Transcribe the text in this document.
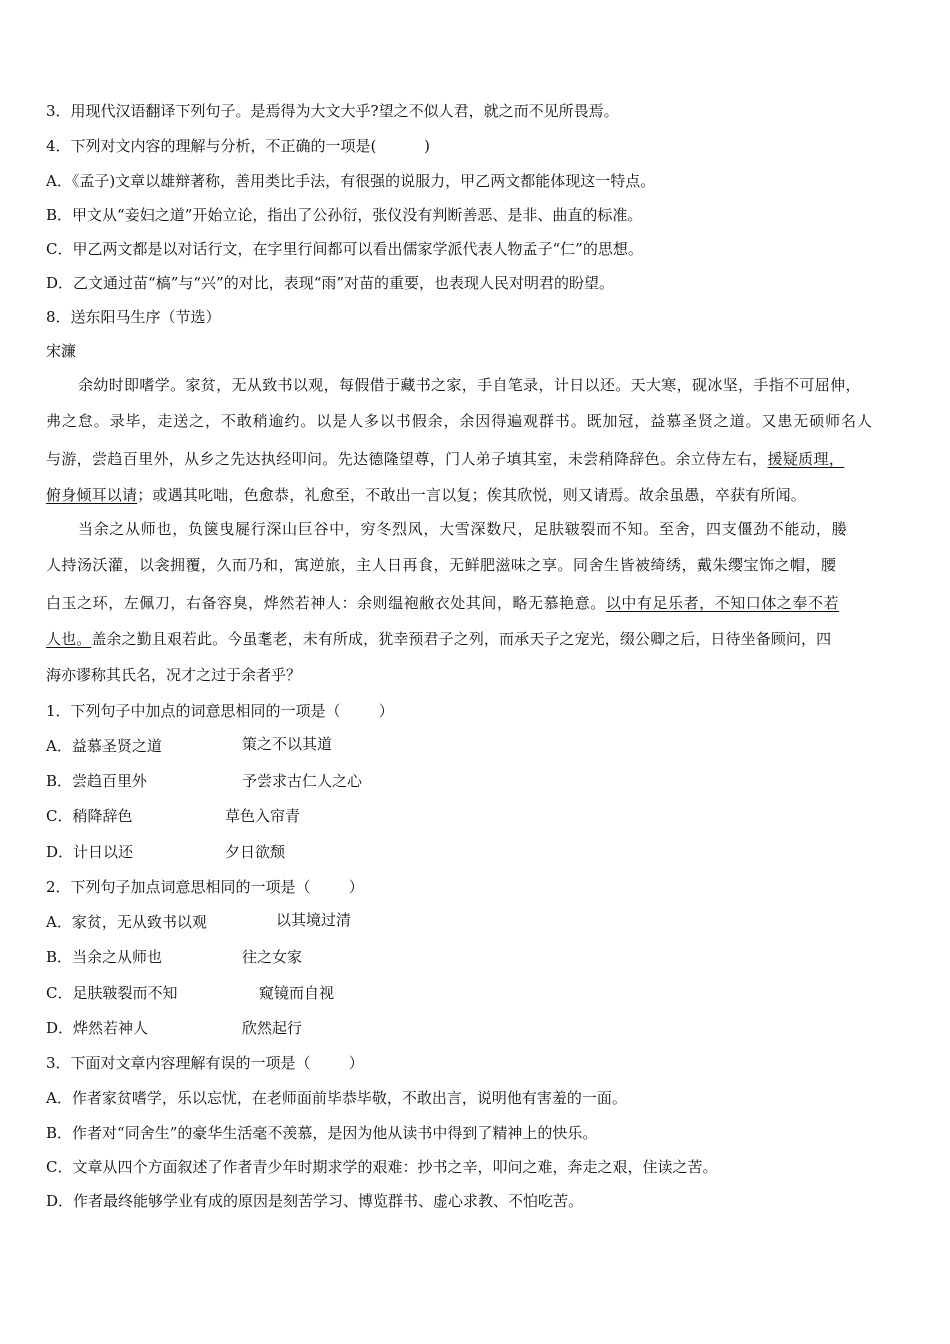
3．用现代汉语翻译下列句子。是焉得为大文大乎?望之不似人君，就之而不见所畏焉。
4．下列对文内容的理解与分析，不正确的一项是(          )
A．《孟子)文章以雄辩著称，善用类比手法，有很强的说服力，甲乙两文都能体现这一特点。
B．甲文从“妾妇之道”开始立论，指出了公孙衍，张仪没有判断善恶、是非、曲直的标准。
C．甲乙两文都是以对话行文，在字里行间都可以看出儒家学派代表人物孟子“仁”的思想。
D．乙文通过苗“槁”与“兴”的对比，表现“雨”对苗的重要，也表现人民对明君的盼望。
8．送东阳马生序（节选）
宋濂
余幼时即嗜学。家贫，无从致书以观，每假借于藏书之家，手自笔录，计日以还。天大寒，砚冰坚，手指不可屈伸，
弗之怠。录毕，走送之，不敢稍逾约。以是人多以书假余，余因得遍观群书。既加冠，益慕圣贤之道。又患无硕师名人
与游，尝趋百里外，从乡之先达执经叩问。先达德隆望尊，门人弟子填其室，未尝稍降辞色。余立侍左右，援疑质理，
俯身倾耳以请；或遇其叱咄，色愈恭，礼愈至，不敢出一言以复；俟其欣悦，则又请焉。故余虽愚，卒获有所闻。
当余之从师也，负箧曳屣行深山巨谷中，穷冬烈风，大雪深数尺，足肤皲裂而不知。至舍，四支僵劲不能动，媵
人持汤沃灌，以衾拥覆，久而乃和，寓逆旅，主人日再食，无鲜肥滋味之享。同舍生皆被绮绣，戴朱缨宝饰之帽，腰
白玉之环，左佩刀，右备容臭，烨然若神人：余则缊袍敝衣处其间，略无慕艳意。以中有足乐者，不知口体之奉不若
人也。盖余之勤且艰若此。今虽耄老，未有所成，犹幸预君子之列，而承天子之宠光，缀公卿之后，日待坐备顾问，四
海亦谬称其氏名，况才之过于余者乎？
1．下列句子中加点的词意思相同的一项是（        ）
A．益慕圣贤之道	策之不以其道
B．尝趋百里外	予尝求古仁人之心
C．稍降辞色	草色入帘青
D．计日以还	夕日欲颓
2．下列句子加点词意思相同的一项是（        ）
A．家贫，无从致书以观	以其境过清
B．当余之从师也	往之女家
C．足肤皲裂而不知	窥镜而自视
D．烨然若神人	欣然起行
3．下面对文章内容理解有误的一项是（        ）
A．作者家贫嗜学，乐以忘忧，在老师面前毕恭毕敬，不敢出言，说明他有害羞的一面。
B．作者对“同舍生”的豪华生活毫不羡慕，是因为他从读书中得到了精神上的快乐。
C．文章从四个方面叙述了作者青少年时期求学的艰难：抄书之辛，叩问之难，奔走之艰，住读之苦。
D．作者最终能够学业有成的原因是刻苦学习、博览群书、虚心求教、不怕吃苦。
